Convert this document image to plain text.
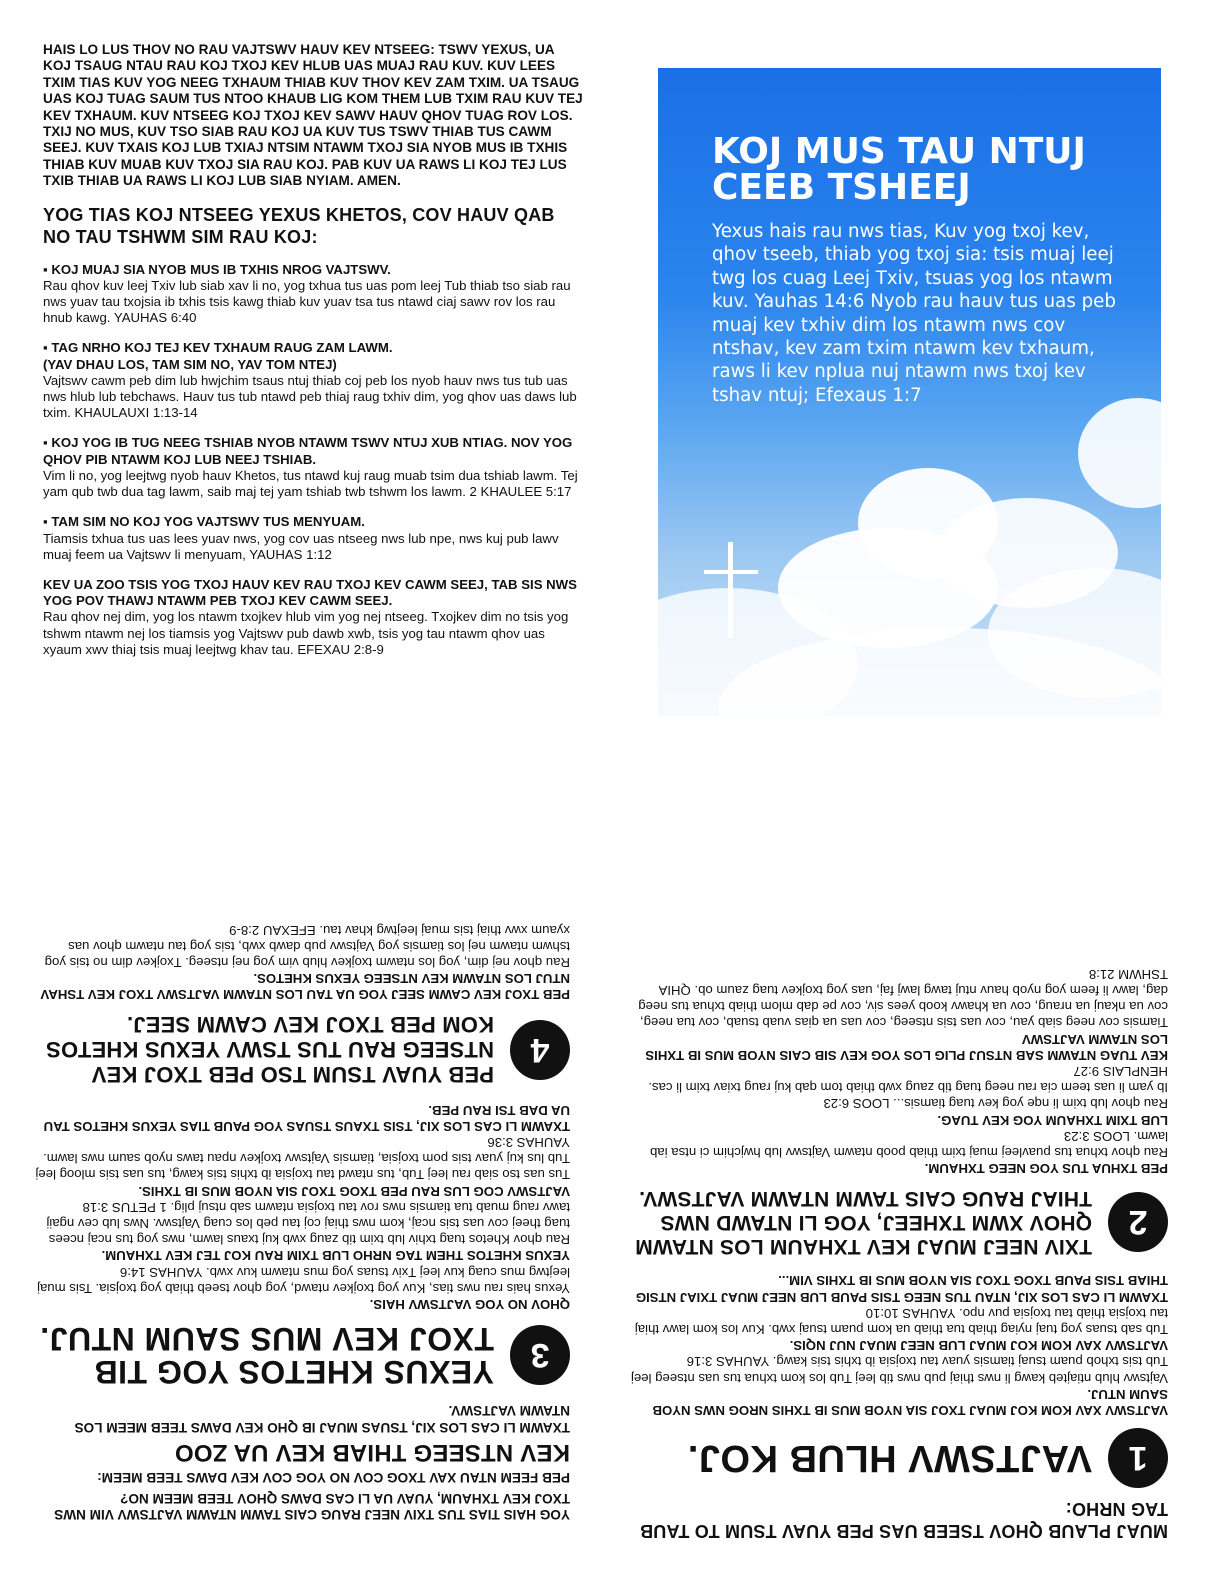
HAIS LO LUS THOV NO RAU VAJTSWV HAUV KEV NTSEEG: TSWV YEXUS, UA KOJ TSAUG NTAU RAU KOJ TXOJ KEV HLUB UAS MUAJ RAU KUV. KUV LEES TXIM TIAS KUV YOG NEEG TXHAUM THIAB KUV THOV KEV ZAM TXIM. UA TSAUG UAS KOJ TUAG SAUM TUS NTOO KHAUB LIG KOM THEM LUB TXIM RAU KUV TEJ KEV TXHAUM. KUV NTSEEG KOJ TXOJ KEV SAWV HAUV QHOV TUAG ROV LOS. TXIJ NO MUS, KUV TSO SIAB RAU KOJ UA KUV TUS TSWV THIAB TUS CAWM SEEJ. KUV TXAIS KOJ LUB TXIAJ NTSIM NTAWM TXOJ SIA NYOB MUS IB TXHIS THIAB KUV MUAB KUV TXOJ SIA RAU KOJ. PAB KUV UA RAWS LI KOJ TEJ LUS TXIB THIAB UA RAWS LI KOJ LUB SIAB NYIAM. AMEN.

YOG TIAS KOJ NTSEEG YEXUS KHETOS, COV HAUV QAB NO TAU TSHWM SIM RAU KOJ:

▪ KOJ MUAJ SIA NYOB MUS IB TXHIS NROG VAJTSWV.

Rau qhov kuv leej Txiv lub siab xav li no, yog txhua tus uas pom leej Tub thiab tso siab rau nws yuav tau txojsia ib txhis tsis kawg thiab kuv yuav tsa tus ntawd ciaj sawv rov los rau hnub kawg. YAUHAS 6:40

▪ TAG NRHO KOJ TEJ KEV TXHAUM RAUG ZAM LAWM.
(YAV DHAU LOS, TAM SIM NO, YAV TOM NTEJ)

Vajtswv cawm peb dim lub hwjchim tsaus ntuj thiab coj peb los nyob hauv nws tus tub uas nws hlub lub tebchaws. Hauv tus tub ntawd peb thiaj raug txhiv dim, yog qhov uas daws lub txim. KHAULAUXI 1:13-14

▪ KOJ YOG IB TUG NEEG TSHIAB NYOB NTAWM TSWV NTUJ XUB NTIAG. NOV YOG QHOV PIB NTAWM KOJ LUB NEEJ TSHIAB.

Vim li no, yog leejtwg nyob hauv Khetos, tus ntawd kuj raug muab tsim dua tshiab lawm. Tej yam qub twb dua tag lawm, saib maj tej yam tshiab twb tshwm los lawm. 2 KHAULEE 5:17

▪ TAM SIM NO KOJ YOG VAJTSWV TUS MENYUAM.

Tiamsis txhua tus uas lees yuav nws, yog cov uas ntseeg nws lub npe, nws kuj pub lawv muaj feem ua Vajtswv li menyuam, YAUHAS 1:12

KEV UA ZOO TSIS YOG TXOJ HAUV KEV RAU TXOJ KEV CAWM SEEJ, TAB SIS NWS YOG POV THAWJ NTAWM PEB TXOJ KEV CAWM SEEJ.

Rau qhov nej dim, yog los ntawm txojkev hlub vim yog nej ntseeg. Txojkev dim no tsis yog tshwm ntawm nej los tiamsis yog Vajtswv pub dawb xwb, tsis yog tau ntawm qhov uas xyaum xwv thiaj tsis muaj leejtwg khav tau. EFEXAU 2:8-9

KOJ MUS TAU NTUJ CEEB TSHEEJ

Yexus hais rau nws tias, Kuv yog txoj kev, qhov tseeb, thiab yog txoj sia: tsis muaj leej twg los cuag Leej Txiv, tsuas yog los ntawm kuv. Yauhas 14:6 Nyob rau hauv tus uas peb muaj kev txhiv dim los ntawm nws cov ntshav, kev zam txim ntawm kev txhaum, raws li kev nplua nuj ntawm nws txoj kev tshav ntuj; Efexaus 1:7

YOG HAIS TIAS TUS TXIV NEEJ RAUG CAIS TAWM NTAWM VAJTSWV VIM NWS TXOJ KEV TXHAUM, YUAV UA LI CAS DAWS QHOV TEEB MEEM NO?

PEB FEEM NTAU XAV TXOG COV NO YOG COV KEV DAWS TEEB MEEM:

KEV NTSEEG THIAB KEV UA ZOO

TXAWM LI CAS LOS XIJ, TSUAS MUAJ IB QHO KEV DAWS TEEB MEEM LOS NTAWM VAJTSWV.

3

YEXUS KHETOS YOG TIB TXOJ KEV MUS SAUM NTUJ.

QHOV NO YOG VAJTSWV HAIS.

Yexus hais rau nws tias, Kuv yog txojkev ntawd, yog qhov tseeb thiab yog txojsia. Tsis muaj leejtwg mus cuag kuv leej Txiv tsuas yog mus ntawm kuv xwb. YAUHAS 14:6

YEXUS KHETOS THEM TAG NRHO LUB TXIM RAU KOJ TEJ KEV TXHAUM.

Rau qhov Khetos tuag txhiv lub txim tib zaug xwb kuj txaus lawm, nws yog tus ncaj ncees tuag theej cov uas tsis ncaj, kom nws thiaj coj tau peb los cuag Vajtswv. Nws lub cev ngaij tawv raug muab tua tiamsis nws rov tau txojsia ntawm sab ntsuj plig. 1 PETUS 3:18

VAJTSWV COG LUS RAU PEB TXOG TXOJ SIA NYOB MUS IB TXHIS.

Tus uas tso siab rau leej Tub, tus ntawd tau txojsia ib txhis tsis kawg, tus uas tsis mloog leej Tub lus kuj yuav tsis pom txojsia, tiamsis Vajtswv txojkev npau taws nyob saum nws lawm. YAUHAS 3:36

TXAWM LI CAS LOS XIJ, TSIS TXAUS TSUAS YOG PAUB TIAS YEXUS KHETOS TAU UA DAB TSI RAU PEB.

4

PEB YUAV TSUM TSO PEB TXOJ KEV NTSEEG RAU TUS TSWV YEXUS KHETOS KOM PEB TXOJ KEV CAWM SEEJ.

PEB TXOJ KEV CAWM SEEJ YOG UA TAU LOS NTAWM VAJTSWV TXOJ KEV TSHAV NTUJ LOS NTAWM KEV NTSEEG YEXUS KHETOS.

Rau qhov nej dim, yog los ntawm txojkev hlub vim yog nej ntseeg. Txojkev dim no tsis yog tshwm ntawm nej los tiamsis yog Vajtswv pub dawb xwb, tsis yog tau ntawm qhov uas xyaum xwv thiaj tsis muaj leejtwg khav tau. EFEXAU 2:8-9

MUAJ PLAUB QHOV TSEEB UAS PEB YUAV TSUM TO TAUB TAG NRHO:

1

VAJTSWV HLUB KOJ.

VAJTSWV XAV KOM KOJ MUAJ TXOJ SIA NYOB MUS IB TXHIS NROG NWS NYOB SAUM NTUJ.

Vajtswv hlub ntiajteb kawg li nws thiaj pub nws tib leej Tub los kom txhua tus uas ntseeg leej Tub tsis txhob puam tsuaj tiamsis yuav tau txojsia ib txhis tsis kawg. YAUHAS 3:16

VAJTSWV XAV KOM KOJ MUAJ LUB NEEJ MUAJ NUJ NQIS.

Tub sab tsuas yog tuaj nyiag thiab tua thiab ua kom puam tsuaj xwb. Kuv los kom lawv thiaj tau txojsia thiab tau txojsia puv npo. YAUHAS 10:10

TXAWM LI CAS LOS XIJ, NTAU TUS NEEG TSIS PAUB LUB NEEJ MUAJ TXIAJ NTSIG THIAB TSIS PAUB TXOG TXOJ SIA NYOB MUS IB TXHIS VIM...

2

TXIV NEEJ MUAJ KEV TXHAUM LOS NTAWM QHOV XWM TXHEEJ, YOG LI NTAWD NWS THIAJ RAUG CAIS TAWM NTAWM VAJTSWV.

PEB TXHUA TUS YOG NEEG TXHAUM.

Rau qhov txhua tus puavleej muaj txim thiab poob ntawm Vajtswv lub hwjchim ci ntsa iab lawm. LOOS 3:23

LUB TXIM TXHAUM YOG KEV TUAG.

Rau qhov lub txim li nqe yog kev tuag tiamsis... LOOS 6:23

Ib yam li uas teem cia rau neeg tuag tib zaug xwb thiab tom qab kuj raug txiav txim li cas. HENPLAIS 9:27

KEV TUAG NTAWM SAB NTSUJ PLIG LOS YOG KEV SIB CAIS NYOB MUS IB TXHIS LOS NTAWM VAJTSWV

Tiamsis cov neeg siab yau, cov uas tsis ntseeg, cov uas ua qias vuab tsuab, cov tua neeg, cov ua nkauj ua nraug, cov ua khawv koob yees siv, cov pe dab mlom thiab txhua tus neeg dag, lawv li feem yog nyob hauv ntuj tawg lawj faj, uas yog txojkev tuag zaum ob. QHIA TSHWM 21:8
